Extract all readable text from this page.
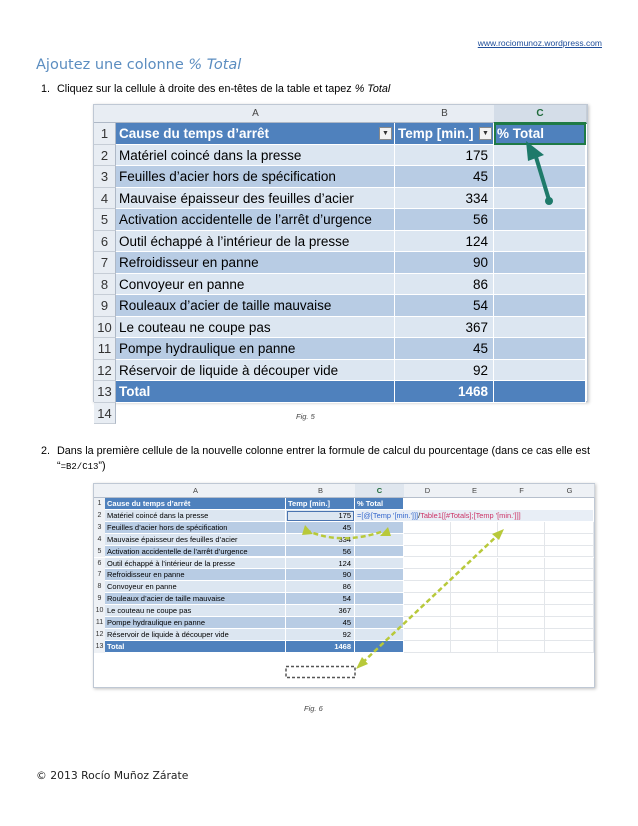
www.rociomunoz.wordpress.com
Ajoutez une colonne % Total
1. Cliquez sur la cellule à droite des en-têtes de la table et tapez % Total
A	B	C
1 Cause du temps d’arrêt	▼ Temp [min.]	▼ % Total
2 Matériel coincé dans la presse	175
3 Feuilles d’acier hors de spécification	45
4 Mauvaise épaisseur des feuilles d’acier	334
5 Activation accidentelle de l’arrêt d’urgence	56
6 Outil échappé à l’intérieur de la presse	124
7 Refroidisseur en panne	90
8 Convoyeur en panne	86
9 Rouleaux d’acier de taille mauvaise	54
10 Le couteau ne coupe pas	367
11 Pompe hydraulique en panne	45
12 Réservoir de liquide à découper vide	92
13 Total	1468
14	Fig. 5
2. Dans la première cellule de la nouvelle colonne entrer la formule de calcul du pourcentage (dans ce cas elle est “=B2/C13”)
A	B	C	D	E	F	G
1 Cause du temps d’arrêt	Temp [min.]	% Total
2 Matériel coincé dans la presse	175 =[@[Temp '[min.']]]/Table1[[#Totals];[Temp '[min.']]]
3 Feuilles d’acier hors de spécification	45
4 Mauvaise épaisseur des feuilles d’acier	334
5 Activation accidentelle de l’arrêt d’urgence	56
6 Outil échappé à l’intérieur de la presse	124
7 Refroidisseur en panne	90
8 Convoyeur en panne	86
9 Rouleaux d’acier de taille mauvaise	54
10 Le couteau ne coupe pas	367
11 Pompe hydraulique en panne	45
12 Réservoir de liquide à découper vide	92
13 Total	1468
Fig. 6
© 2013 Rocío Muñoz Zárate
